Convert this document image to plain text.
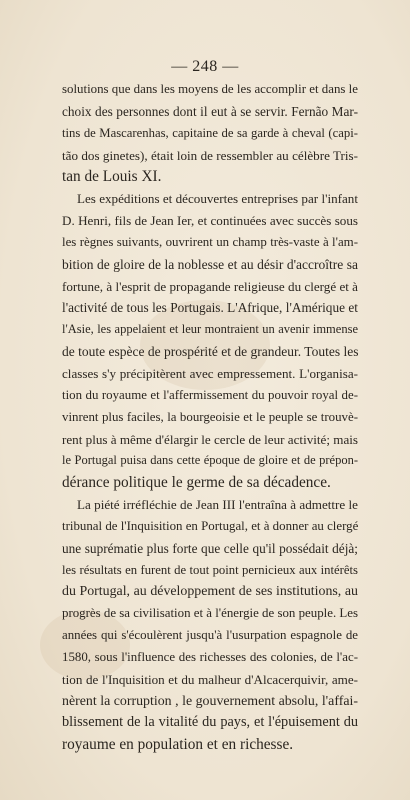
— 248 —
solutions que dans les moyens de les accomplir et dans le
choix des personnes dont il eut à se servir. Fernão Mar-
tins de Mascarenhas, capitaine de sa garde à cheval (capi-
tão dos ginetes), était loin de ressembler au célèbre Tris-
tan de Louis XI.
Les expéditions et découvertes entreprises par l'infant
D. Henri, fils de Jean Ier, et continuées avec succès sous
les règnes suivants, ouvrirent un champ très-vaste à l'am-
bition de gloire de la noblesse et au désir d'accroître sa
fortune, à l'esprit de propagande religieuse du clergé et à
l'activité de tous les Portugais. L'Afrique, l'Amérique et
l'Asie, les appelaient et leur montraient un avenir immense
de toute espèce de prospérité et de grandeur. Toutes les
classes s'y précipitèrent avec empressement. L'organisa-
tion du royaume et l'affermissement du pouvoir royal de-
vinrent plus faciles, la bourgeoisie et le peuple se trouvè-
rent plus à même d'élargir le cercle de leur activité; mais
le Portugal puisa dans cette époque de gloire et de prépon-
dérance politique le germe de sa décadence.
La piété irréfléchie de Jean III l'entraîna à admettre le
tribunal de l'Inquisition en Portugal, et à donner au clergé
une suprématie plus forte que celle qu'il possédait déjà;
les résultats en furent de tout point pernicieux aux intérêts
du Portugal, au développement de ses institutions, au
progrès de sa civilisation et à l'énergie de son peuple. Les
années qui s'écoulèrent jusqu'à l'usurpation espagnole de
1580, sous l'influence des richesses des colonies, de l'ac-
tion de l'Inquisition et du malheur d'Alcacerquivir, ame-
nèrent la corruption , le gouvernement absolu, l'affai-
blissement de la vitalité du pays, et l'épuisement du
royaume en population et en richesse.
